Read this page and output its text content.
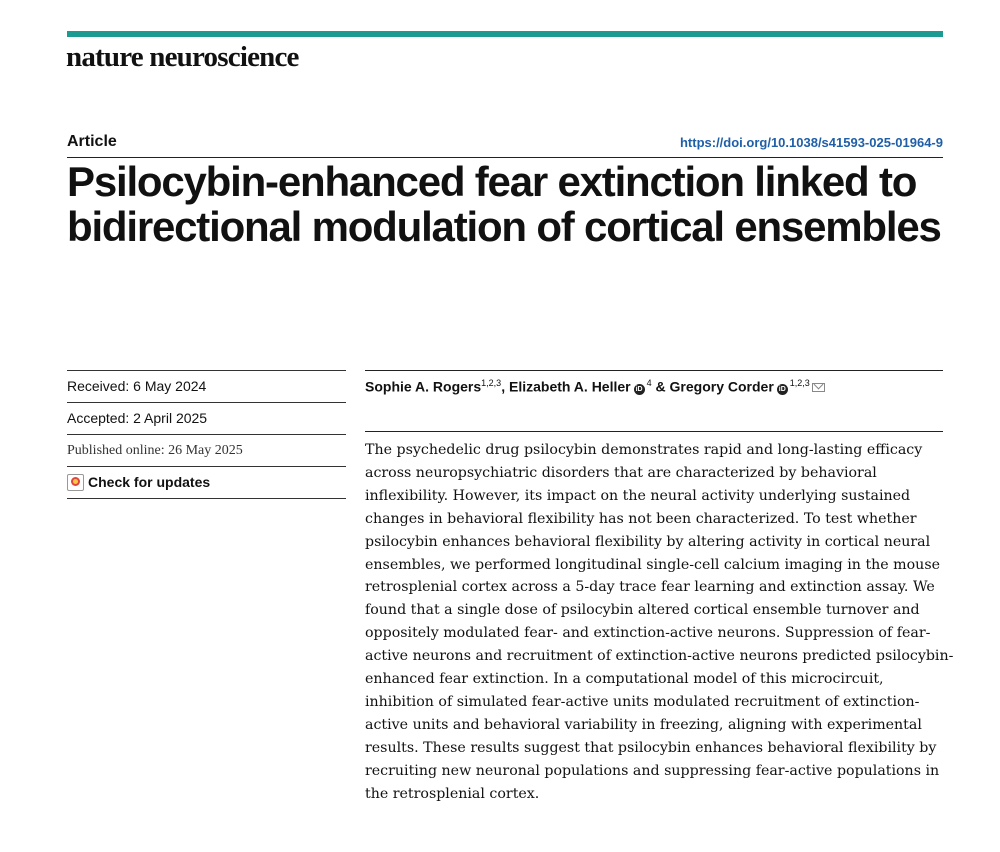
nature neuroscience
Article	https://doi.org/10.1038/s41593-025-01964-9
Psilocybin-enhanced fear extinction linked to bidirectional modulation of cortical ensembles
Received: 6 May 2024
Accepted: 2 April 2025
Published online: 26 May 2025
Check for updates
Sophie A. Rogers$^{1,2,3}$, Elizabeth A. Heller $iD^4$ & Gregory Corder iD$^{1,2,3}$

The psychedelic drug psilocybin demonstrates rapid and long-lasting efficacy across neuropsychiatric disorders that are characterized by behavioral inflexibility. However, its impact on the neural activity underlying sustained changes in behavioral flexibility has not been characterized. To test whether psilocybin enhances behavioral flexibility by altering activity in cortical neural ensembles, we performed longitudinal single-cell calcium imaging in the mouse retrosplenial cortex across a 5-day trace fear learning and extinction assay. We found that a single dose of psilocybin altered cortical ensemble turnover and oppositely modulated fear- and extinction-active neurons. Suppression of fear-active neurons and recruitment of extinction-active neurons predicted psilocybin-enhanced fear extinction. In a computational model of this microcircuit, inhibition of simulated fear-active units modulated recruitment of extinction-active units and behavioral variability in freezing, aligning with experimental results. These results suggest that psilocybin enhances behavioral flexibility by recruiting new neuronal populations and suppressing fear-active populations in the retrosplenial cortex.
